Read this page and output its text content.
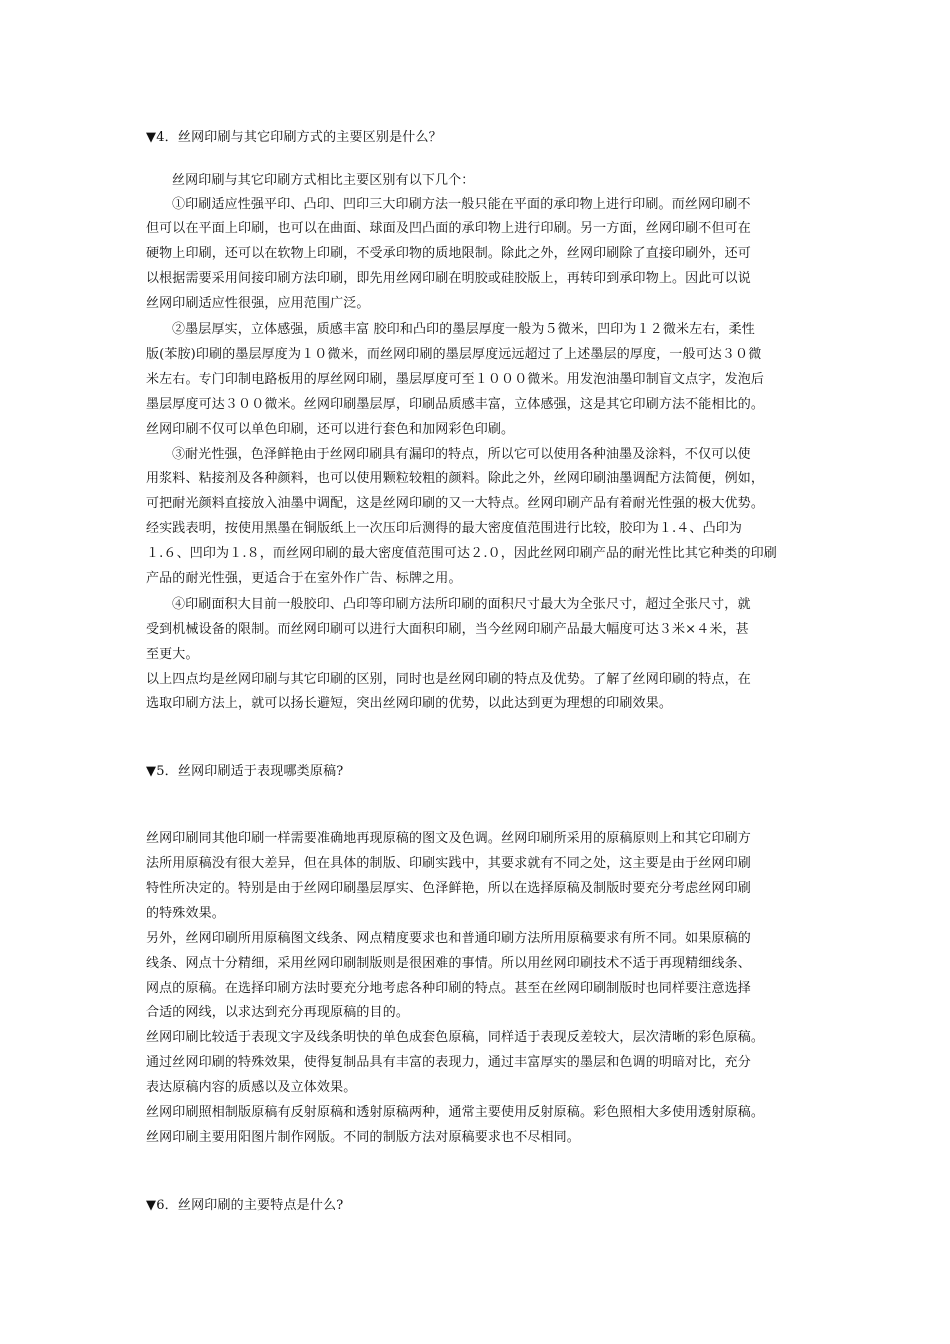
▼4．丝网印刷与其它印刷方式的主要区别是什么？
丝网印刷与其它印刷方式相比主要区别有以下几个：
①印刷适应性强平印、凸印、凹印三大印刷方法一般只能在平面的承印物上进行印刷。而丝网印刷不
但可以在平面上印刷，也可以在曲面、球面及凹凸面的承印物上进行印刷。另一方面，丝网印刷不但可在
硬物上印刷，还可以在软物上印刷，不受承印物的质地限制。除此之外，丝网印刷除了直接印刷外，还可
以根据需要采用间接印刷方法印刷，即先用丝网印刷在明胶或硅胶版上，再转印到承印物上。因此可以说
丝网印刷适应性很强，应用范围广泛。
②墨层厚实，立体感强，质感丰富 胶印和凸印的墨层厚度一般为５微米，凹印为１２微米左右，柔性
版(苯胺)印刷的墨层厚度为１０微米，而丝网印刷的墨层厚度远远超过了上述墨层的厚度，一般可达３０微
米左右。专门印制电路板用的厚丝网印刷，墨层厚度可至１０００微米。用发泡油墨印制盲文点字，发泡后
墨层厚度可达３００微米。丝网印刷墨层厚，印刷品质感丰富，立体感强，这是其它印刷方法不能相比的。
丝网印刷不仅可以单色印刷，还可以进行套色和加网彩色印刷。
③耐光性强，色泽鲜艳由于丝网印刷具有漏印的特点，所以它可以使用各种油墨及涂料，不仅可以使
用浆料、粘接剂及各种颜料，也可以使用颗粒较粗的颜料。除此之外，丝网印刷油墨调配方法简便，例如，
可把耐光颜料直接放入油墨中调配，这是丝网印刷的又一大特点。丝网印刷产品有着耐光性强的极大优势。
经实践表明，按使用黑墨在铜版纸上一次压印后测得的最大密度值范围进行比较，胶印为１.４、凸印为
１.６、凹印为１.８，而丝网印刷的最大密度值范围可达２.０，因此丝网印刷产品的耐光性比其它种类的印刷
产品的耐光性强，更适合于在室外作广告、标牌之用。
④印刷面积大目前一般胶印、凸印等印刷方法所印刷的面积尺寸最大为全张尺寸，超过全张尺寸，就
受到机械设备的限制。而丝网印刷可以进行大面积印刷，当今丝网印刷产品最大幅度可达３米×４米，甚
至更大。
以上四点均是丝网印刷与其它印刷的区别，同时也是丝网印刷的特点及优势。了解了丝网印刷的特点，在
选取印刷方法上，就可以扬长避短，突出丝网印刷的优势，以此达到更为理想的印刷效果。
▼5．丝网印刷适于表现哪类原稿?
丝网印刷同其他印刷一样需要准确地再现原稿的图文及色调。丝网印刷所采用的原稿原则上和其它印刷方
法所用原稿没有很大差异，但在具体的制版、印刷实践中，其要求就有不同之处，这主要是由于丝网印刷
特性所决定的。特别是由于丝网印刷墨层厚实、色泽鲜艳，所以在选择原稿及制版时要充分考虑丝网印刷
的特殊效果。
另外，丝网印刷所用原稿图文线条、网点精度要求也和普通印刷方法所用原稿要求有所不同。如果原稿的
线条、网点十分精细，采用丝网印刷制版则是很困难的事情。所以用丝网印刷技术不适于再现精细线条、
网点的原稿。在选择印刷方法时要充分地考虑各种印刷的特点。甚至在丝网印刷制版时也同样要注意选择
合适的网线，以求达到充分再现原稿的目的。
丝网印刷比较适于表现文字及线条明快的单色成套色原稿，同样适于表现反差较大，层次清晰的彩色原稿。
通过丝网印刷的特殊效果，使得复制品具有丰富的表现力，通过丰富厚实的墨层和色调的明暗对比，充分
表达原稿内容的质感以及立体效果。
丝网印刷照相制版原稿有反射原稿和透射原稿两种，通常主要使用反射原稿。彩色照相大多使用透射原稿。
丝网印刷主要用阳图片制作网版。不同的制版方法对原稿要求也不尽相同。
▼6．丝网印刷的主要特点是什么?
